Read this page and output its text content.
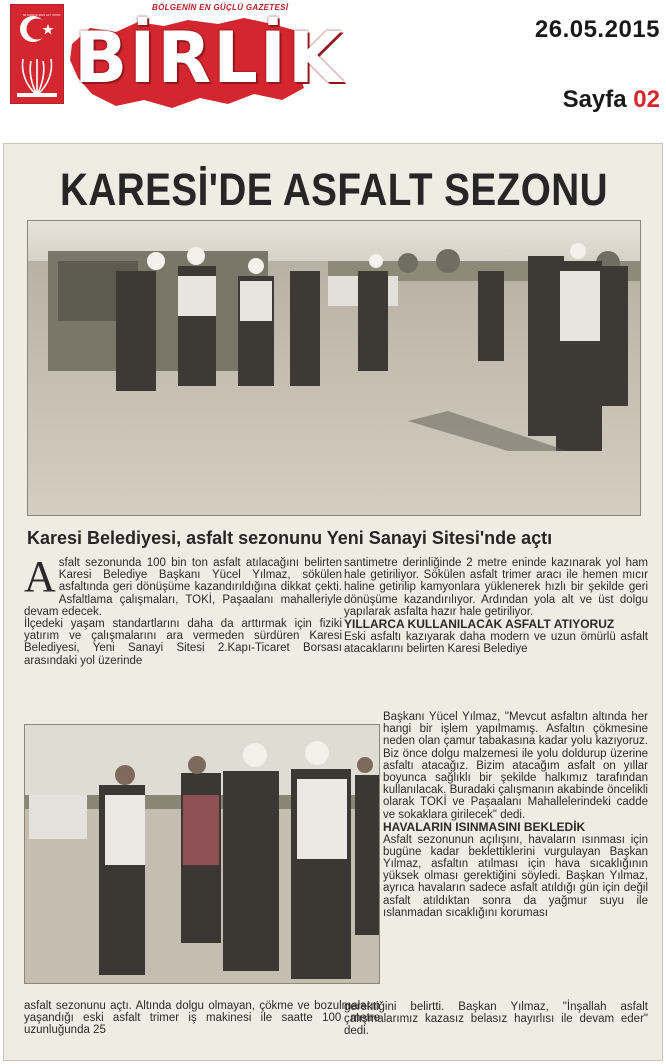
50 KURUŞ 2015 ALT YAYIN
BİRLİK
BÖLGENİN EN GÜÇLÜ GAZETESİ
26.05.2015
Sayfa 02
KARESİ'DE ASFALT SEZONU
Karesi Belediyesi, asfalt sezonunu Yeni Sanayi Sitesi'nde açtı

Asfalt sezonunda 100 bin ton asfalt atılacağını belirten Karesi Belediye Başkanı Yücel Yılmaz, sökülen asfaltında geri dönüşüme kazandırıldığına dikkat çekti. Asfaltlama çalışmaları, TOKİ, Paşaalanı mahalleriyle devam edecek.

İlçedeki yaşam standartlarını daha da arttırmak için fiziki yatırım ve çalışmalarını ara vermeden sürdüren Karesi Belediyesi, Yeni Sanayi Sitesi 2.Kapı-Ticaret Borsası arasındaki yol üzerinde

santimetre derinliğinde 2 metre eninde kazınarak yol ham hale getiriliyor. Sökülen asfalt trimer aracı ile hemen mıcır haline getirilip kamyonlara yüklenerek hızlı bir şekilde geri dönüşüme kazandırılıyor. Ardından yola alt ve üst dolgu yapılarak asfalta hazır hale getiriliyor.

YILLARCA KULLANILACAK ASFALT ATIYORUZ

Eski asfaltı kazıyarak daha modern ve uzun ömürlü asfalt atacaklarını belirten Karesi Belediye

Başkanı Yücel Yılmaz, "Mevcut asfaltın altında her hangi bir işlem yapılmamış. Asfaltın çökmesine neden olan çamur tabakasına kadar yolu kazıyoruz. Biz önce dolgu malzemesi ile yolu doldurup üzerine asfaltı atacağız. Bizim atacağım asfalt on yıllar boyunca sağlıklı bir şekilde halkımız tarafından kullanılacak. Buradaki çalışmanın akabinde öncelikli olarak TOKİ ve Paşaalanı Mahallelerindeki cadde ve sokaklara girilecek" dedi.

HAVALARIN ISINMASINI BEKLEDİK

Asfalt sezonunun açılışını, havaların ısınması için bugüne kadar beklettiklerini vurgulayan Başkan Yılmaz, asfaltın atılması için hava sıcaklığının yüksek olması gerektiğini söyledi. Başkan Yılmaz, ayrıca havaların sadece asfalt atıldığı gün için değil asfalt atıldıktan sonra da yağmur suyu ile ıslanmadan sıcaklığını koruması

asfalt sezonunu açtı. Altında dolgu olmayan, çökme ve bozulmaların yaşandığı eski asfalt trimer iş makinesi ile saatte 100 metre uzunluğunda 25

gerektiğini belirtti. Başkan Yılmaz, "İnşallah asfalt çalışmalarımız kazasız belasız hayırlısı ile devam eder" dedi.
